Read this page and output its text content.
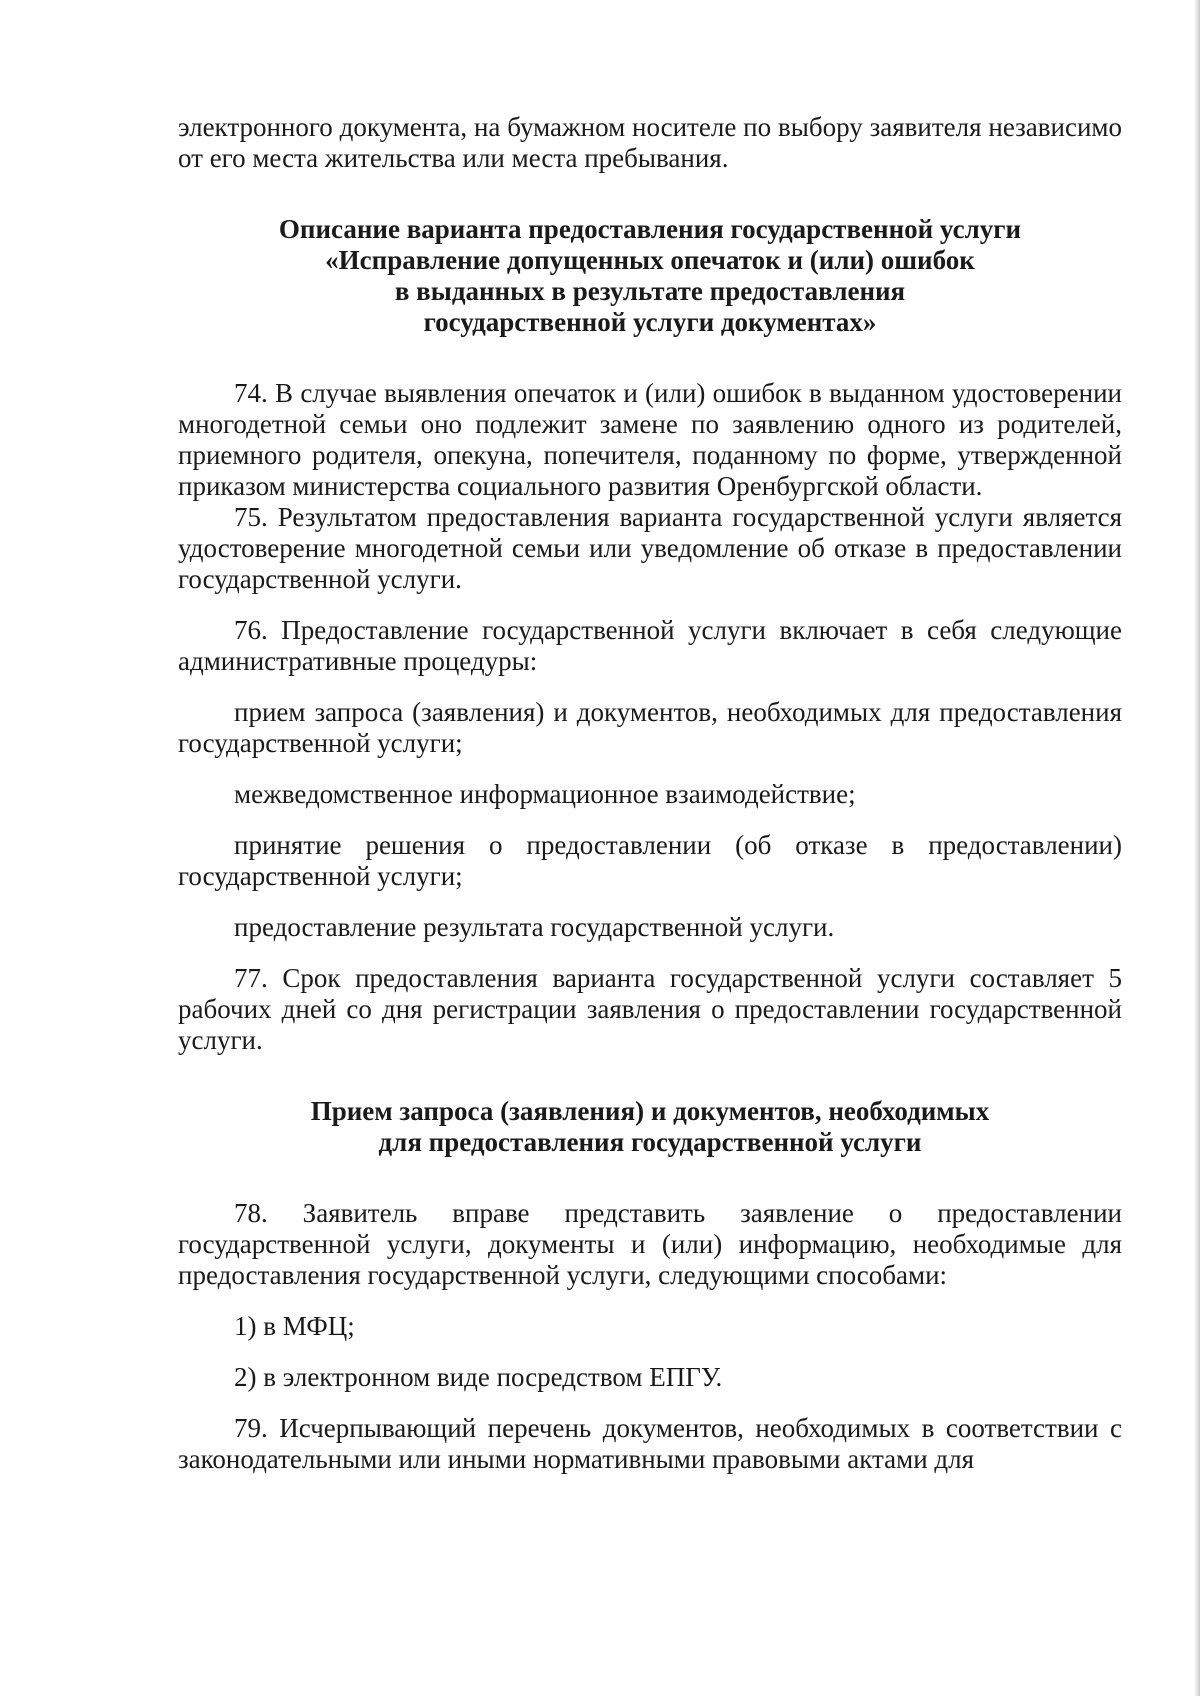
электронного документа, на бумажном носителе по выбору заявителя независимо от его места жительства или места пребывания.

Описание варианта предоставления государственной услуги
«Исправление допущенных опечаток и (или) ошибок
в выданных в результате предоставления
государственной услуги документах»

74. В случае выявления опечаток и (или) ошибок в выданном удостоверении многодетной семьи оно подлежит замене по заявлению одного из родителей, приемного родителя, опекуна, попечителя, поданному по форме, утвержденной приказом министерства социального развития Оренбургской области.

75. Результатом предоставления варианта государственной услуги является удостоверение многодетной семьи или уведомление об отказе в предоставлении государственной услуги.

76. Предоставление государственной услуги включает в себя следующие административные процедуры:

прием запроса (заявления) и документов, необходимых для предоставления государственной услуги;

межведомственное информационное взаимодействие;

принятие решения о предоставлении (об отказе в предоставлении) государственной услуги;

предоставление результата государственной услуги.

77. Срок предоставления варианта государственной услуги составляет 5 рабочих дней со дня регистрации заявления о предоставлении государственной услуги.

Прием запроса (заявления) и документов, необходимых
для предоставления государственной услуги

78. Заявитель вправе представить заявление о предоставлении государственной услуги, документы и (или) информацию, необходимые для предоставления государственной услуги, следующими способами:

1) в МФЦ;

2) в электронном виде посредством ЕПГУ.

79. Исчерпывающий перечень документов, необходимых в соответствии с законодательными или иными нормативными правовыми актами для
